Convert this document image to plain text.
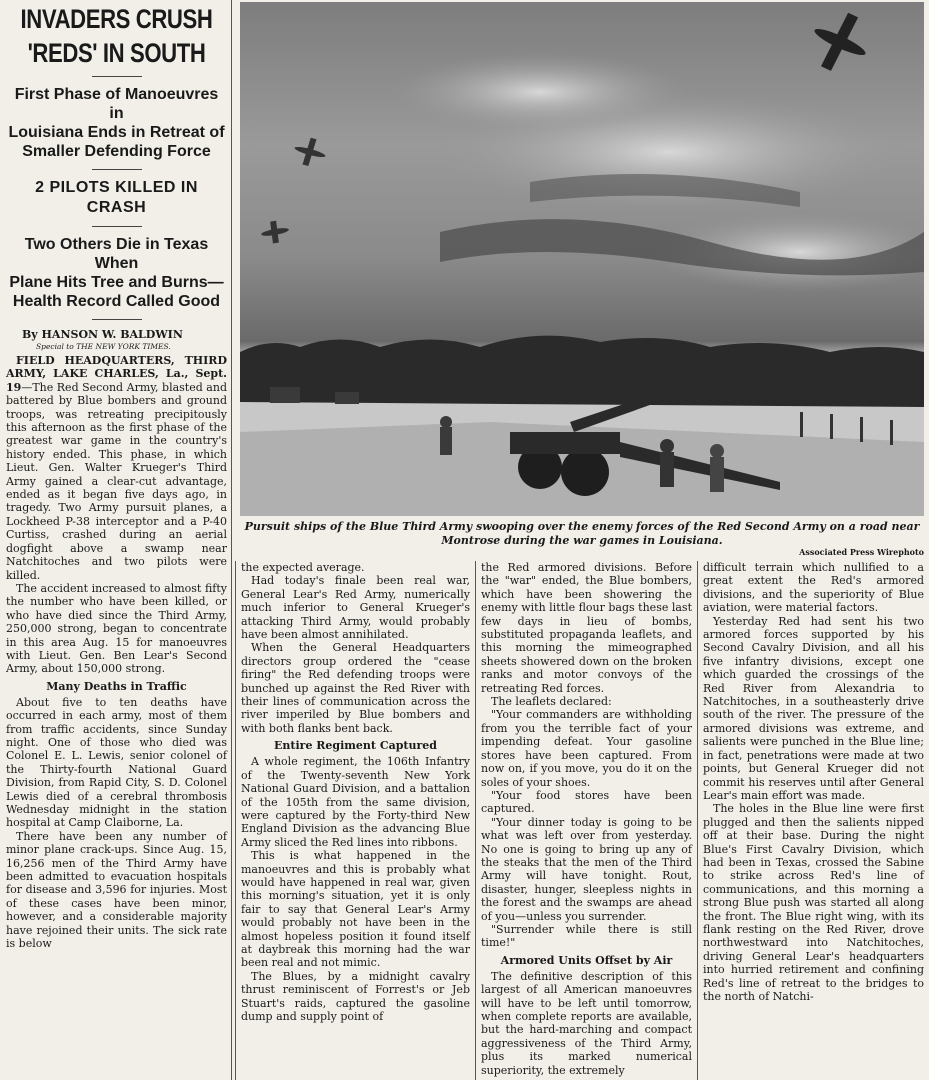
INVADERS CRUSH
'REDS' IN SOUTH
First Phase of Manoeuvres in
Louisiana Ends in Retreat of
Smaller Defending Force
2 PILOTS KILLED IN CRASH
Two Others Die in Texas When
Plane Hits Tree and Burns—
Health Record Called Good
By HANSON W. BALDWIN
Special to THE NEW YORK TIMES.

FIELD HEADQUARTERS, THIRD ARMY, LAKE CHARLES, La., Sept. 19—The Red Second Army, blasted and battered by Blue bombers and ground troops, was retreating precipitously this afternoon as the first phase of the greatest war game in the country's history ended. This phase, in which Lieut. Gen. Walter Krueger's Third Army gained a clear-cut advantage, ended as it began five days ago, in tragedy. Two Army pursuit planes, a Lockheed P-38 interceptor and a P-40 Curtiss, crashed during an aerial dogfight above a swamp near Natchitoches and two pilots were killed.

The accident increased to almost fifty the number who have been killed, or who have died since the Third Army, 250,000 strong, began to concentrate in this area Aug. 15 for manoeuvres with Lieut. Gen. Ben Lear's Second Army, about 150,000 strong.

Many Deaths in Traffic

About five to ten deaths have occurred in each army, most of them from traffic accidents, since Sunday night. One of those who died was Colonel E. L. Lewis, senior colonel of the Thirty-fourth National Guard Division, from Rapid City, S. D. Colonel Lewis died of a cerebral thrombosis Wednesday midnight in the station hospital at Camp Claiborne, La.

There have been any number of minor plane crack-ups. Since Aug. 15, 16,256 men of the Third Army have been admitted to evacuation hospitals for disease and 3,596 for injuries. Most of these cases have been minor, however, and a considerable majority have rejoined their units. The sick rate is below

Pursuit ships of the Blue Third Army swooping over the enemy forces of the Red Second Army on a road near Montrose during the war games in Louisiana.
Associated Press Wirephoto

the expected average.

Had today's finale been real war, General Lear's Red Army, numerically much inferior to General Krueger's attacking Third Army, would probably have been almost annihilated.

When the General Headquarters directors group ordered the "cease firing" the Red defending troops were bunched up against the Red River with their lines of communication across the river imperiled by Blue bombers and with both flanks bent back.

Entire Regiment Captured

A whole regiment, the 106th Infantry of the Twenty-seventh New York National Guard Division, and a battalion of the 105th from the same division, were captured by the Forty-third New England Division as the advancing Blue Army sliced the Red lines into ribbons.

This is what happened in the manoeuvres and this is probably what would have happened in real war, given this morning's situation, yet it is only fair to say that General Lear's Army would probably not have been in the almost hopeless position it found itself at daybreak this morning had the war been real and not mimic.

The Blues, by a midnight cavalry thrust reminiscent of Forrest's or Jeb Stuart's raids, captured the gasoline dump and supply point of

the Red armored divisions. Before the "war" ended, the Blue bombers, which have been showering the enemy with little flour bags these last few days in lieu of bombs, substituted propaganda leaflets, and this morning the mimeographed sheets showered down on the broken ranks and motor convoys of the retreating Red forces.

The leaflets declared:

"Your commanders are withholding from you the terrible fact of your impending defeat. Your gasoline stores have been captured. From now on, if you move, you do it on the soles of your shoes.

"Your food stores have been captured.

"Your dinner today is going to be what was left over from yesterday. No one is going to bring up any of the steaks that the men of the Third Army will have tonight. Rout, disaster, hunger, sleepless nights in the forest and the swamps are ahead of you—unless you surrender.

"Surrender while there is still time!"

Armored Units Offset by Air

The definitive description of this largest of all American manoeuvres will have to be left until tomorrow, when complete reports are available, but the hard-marching and compact aggressiveness of the Third Army, plus its marked numerical superiority, the extremely

difficult terrain which nullified to a great extent the Red's armored divisions, and the superiority of Blue aviation, were material factors.

Yesterday Red had sent his two armored forces supported by his Second Cavalry Division, and all his five infantry divisions, except one which guarded the crossings of the Red River from Alexandria to Natchitoches, in a southeasterly drive south of the river. The pressure of the armored divisions was extreme, and salients were punched in the Blue line; in fact, penetrations were made at two points, but General Krueger did not commit his reserves until after General Lear's main effort was made.

The holes in the Blue line were first plugged and then the salients nipped off at their base. During the night Blue's First Cavalry Division, which had been in Texas, crossed the Sabine to strike across Red's line of communications, and this morning a strong Blue push was started all along the front. The Blue right wing, with its flank resting on the Red River, drove northwestward into Natchitoches, driving General Lear's headquarters into hurried retirement and confining Red's line of retreat to the bridges to the north of Natchi-
